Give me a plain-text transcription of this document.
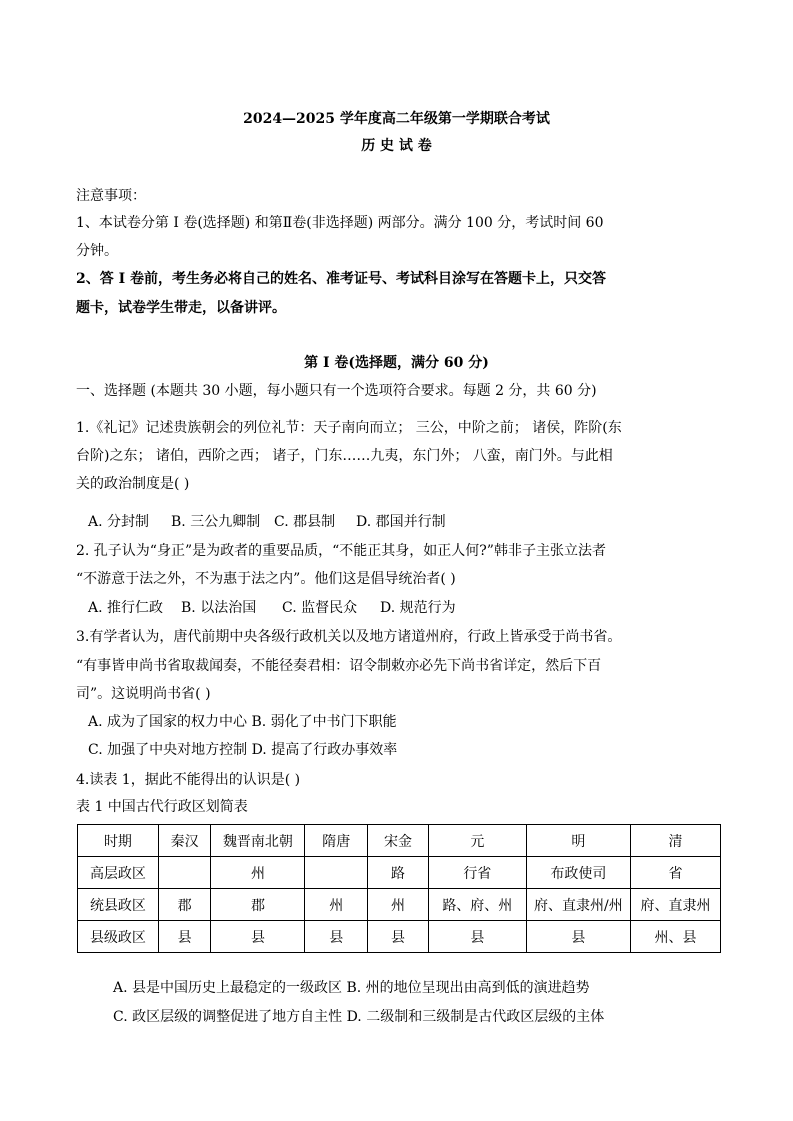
2024—2025 学年度高二年级第一学期联合考试
历 史 试 卷
注意事项：
1、本试卷分第 I 卷(选择题) 和第Ⅱ卷(非选择题) 两部分。满分 100 分，考试时间 60
分钟。
2、答 I 卷前，考生务必将自己的姓名、准考证号、考试科目涂写在答题卡上，只交答
题卡，试卷学生带走，以备讲评。
第 I 卷(选择题，满分 60 分)
一、选择题 (本题共 30 小题，每小题只有一个选项符合要求。每题 2 分，共 60 分)
1.《礼记》记述贵族朝会的列位礼节：天子南向而立； 三公，中阶之前； 诸侯，阼阶(东
台阶)之东； 诸伯，西阶之西； 诸子，门东……九夷，东门外； 八蛮，南门外。与此相
关的政治制度是( )
A. 分封制 B. 三公九卿制 C. 郡县制 D. 郡国并行制
2. 孔子认为“身正”是为政者的重要品质，“不能正其身，如正人何?”韩非子主张立法者
“不游意于法之外，不为惠于法之内”。他们这是倡导统治者( )
A. 推行仁政 B. 以法治国 C. 监督民众 D. 规范行为
3.有学者认为，唐代前期中央各级行政机关以及地方诸道州府，行政上皆承受于尚书省。
“有事皆申尚书省取裁闻奏，不能径奏君相：诏令制敕亦必先下尚书省详定，然后下百
司”。这说明尚书省( )
A. 成为了国家的权力中心 B. 弱化了中书门下职能
C. 加强了中央对地方控制 D. 提高了行政办事效率
4.读表 1，据此不能得出的认识是( )
表 1 中国古代行政区划简表
时期	秦汉	魏晋南北朝	隋唐	宋金	元	明	清
高层政区		州		路	行省	布政使司	省
统县政区	郡	郡	州	州	路、府、州	府、直隶州/州	府、直隶州
县级政区	县	县	县	县	县	县	州、县
A. 县是中国历史上最稳定的一级政区 B. 州的地位呈现出由高到低的演进趋势
C. 政区层级的调整促进了地方自主性 D. 二级制和三级制是古代政区层级的主体
